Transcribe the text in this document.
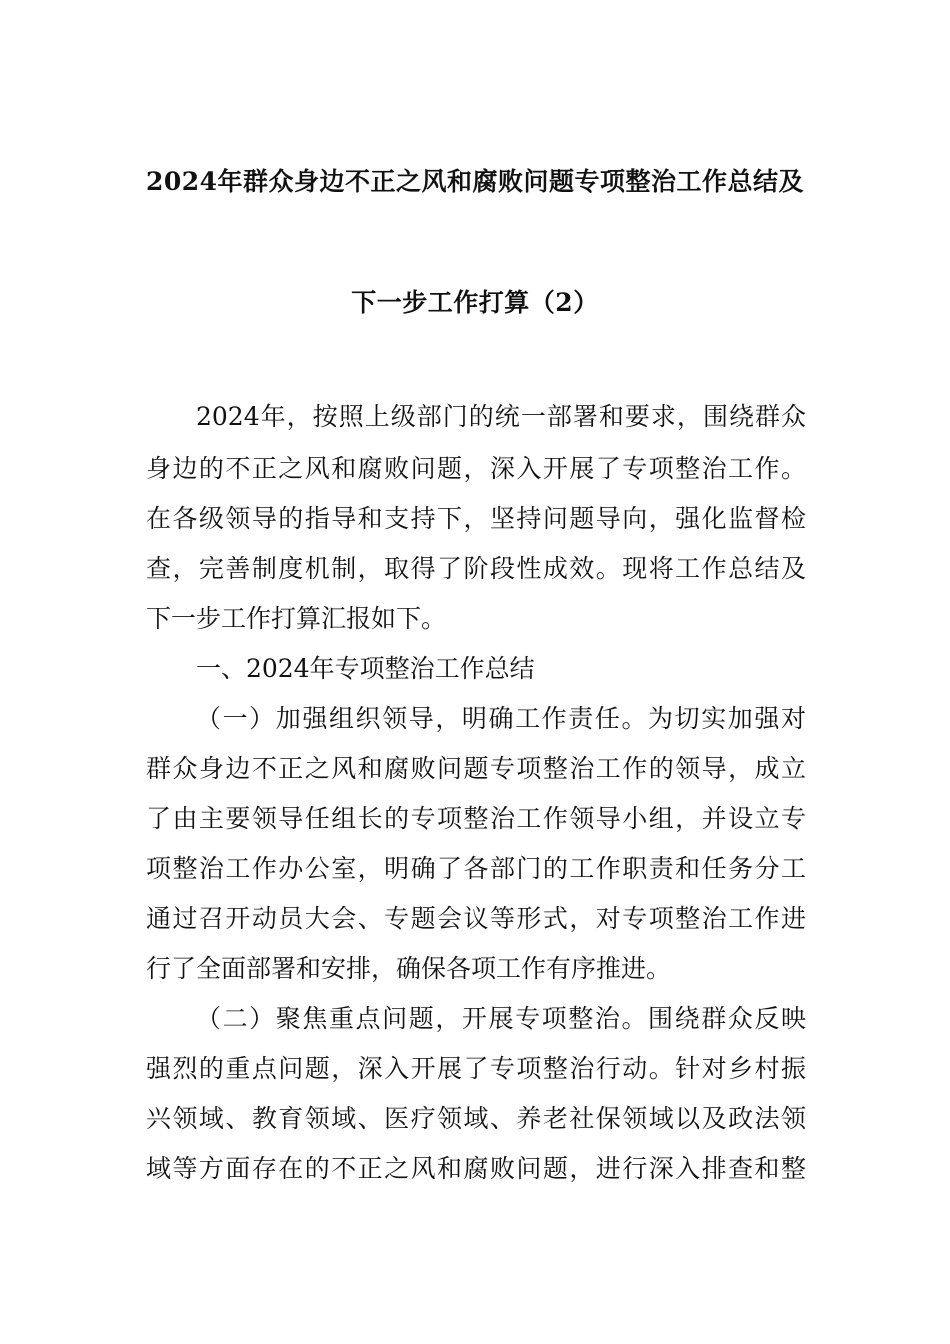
2024年群众身边不正之风和腐败问题专项整治工作总结及
下一步工作打算（2）
2024年，按照上级部门的统一部署和要求，围绕群众
身边的不正之风和腐败问题，深入开展了专项整治工作。
在各级领导的指导和支持下，坚持问题导向，强化监督检
查，完善制度机制，取得了阶段性成效。现将工作总结及
下一步工作打算汇报如下。
一、2024年专项整治工作总结
（一）加强组织领导，明确工作责任。为切实加强对
群众身边不正之风和腐败问题专项整治工作的领导，成立
了由主要领导任组长的专项整治工作领导小组，并设立专
项整治工作办公室，明确了各部门的工作职责和任务分工
通过召开动员大会、专题会议等形式，对专项整治工作进
行了全面部署和安排，确保各项工作有序推进。
（二）聚焦重点问题，开展专项整治。围绕群众反映
强烈的重点问题，深入开展了专项整治行动。针对乡村振
兴领域、教育领域、医疗领域、养老社保领域以及政法领
域等方面存在的不正之风和腐败问题，进行深入排查和整
